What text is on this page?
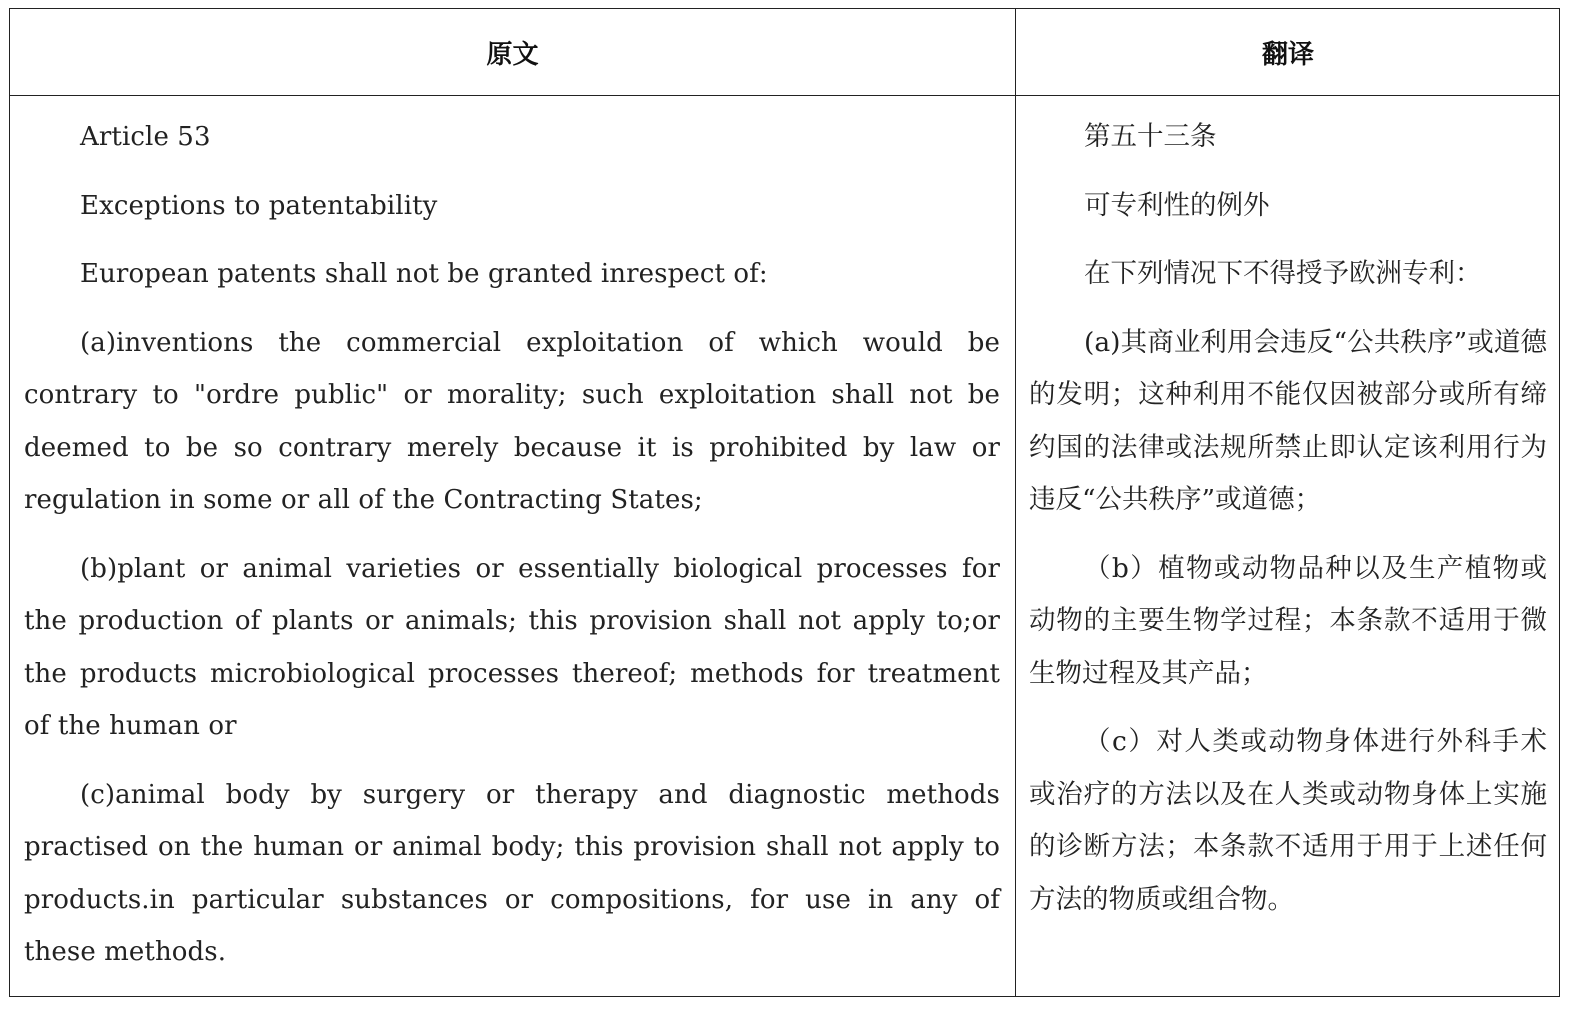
原文	翻译

Article 53

Exceptions to patentability

European patents shall not be granted inrespect of:

(a)inventions the commercial exploitation of which would be contrary to "ordre public" or morality; such exploitation shall not be deemed to be so contrary merely because it is prohibited by law or regulation in some or all of the Contracting States;

(b)plant or animal varieties or essentially biological processes for the production of plants or animals; this provision shall not apply to;or the products microbiological processes thereof; methods for treatment of the human or

(c)animal body by surgery or therapy and diagnostic methods practised on the human or animal body; this provision shall not apply to products.in particular substances or compositions, for use in any of these methods.

第五十三条

可专利性的例外

在下列情况下不得授予欧洲专利：

(a)其商业利用会违反“公共秩序”或道德的发明；这种利用不能仅因被部分或所有缔约国的法律或法规所禁止即认定该利用行为违反“公共秩序”或道德；

（b）植物或动物品种以及生产植物或动物的主要生物学过程；本条款不适用于微生物过程及其产品；

（c）对人类或动物身体进行外科手术或治疗的方法以及在人类或动物身体上实施的诊断方法；本条款不适用于用于上述任何方法的物质或组合物。
